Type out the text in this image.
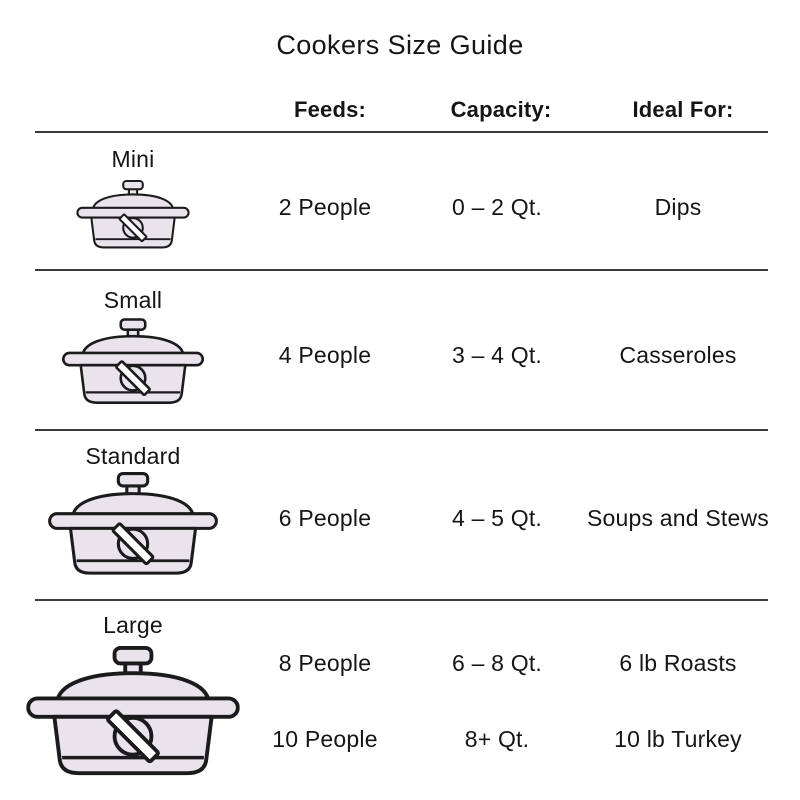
Cookers Size Guide
Feeds:	Capacity:	Ideal For:
Mini
2 People	0 – 2 Qt.	Dips
Small
4 People	3 – 4 Qt.	Casseroles
Standard
6 People	4 – 5 Qt.	Soups and Stews
Large
8 People	6 – 8 Qt.	6 lb Roasts
10 People	8+ Qt.	10 lb Turkey
